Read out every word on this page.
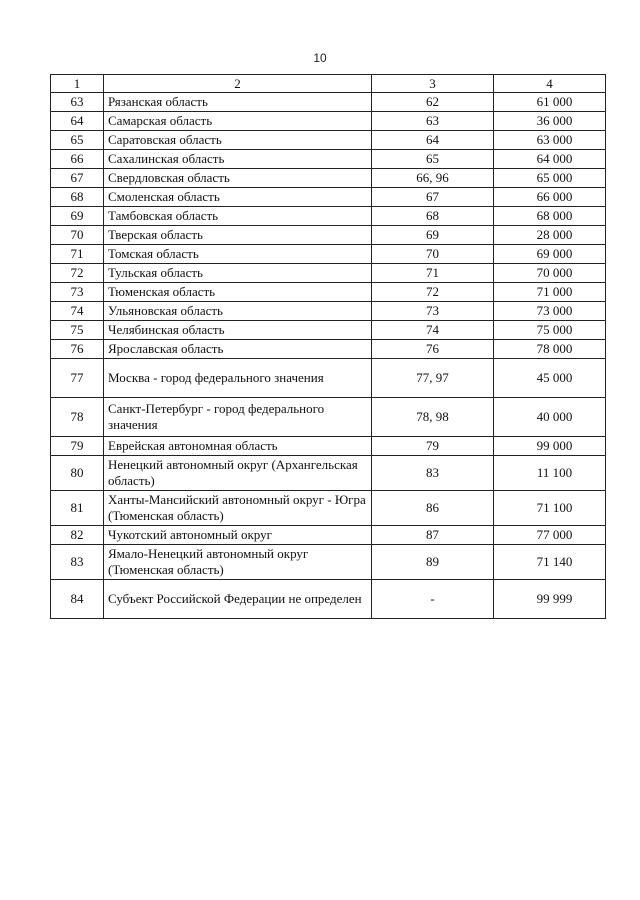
10
1	2	3	4
63	Рязанская область	62	61 000
64	Самарская область	63	36 000
65	Саратовская область	64	63 000
66	Сахалинская область	65	64 000
67	Свердловская область	66, 96	65 000
68	Смоленская область	67	66 000
69	Тамбовская область	68	68 000
70	Тверская область	69	28 000
71	Томская область	70	69 000
72	Тульская область	71	70 000
73	Тюменская область	72	71 000
74	Ульяновская область	73	73 000
75	Челябинская область	74	75 000
76	Ярославская область	76	78 000
77	Москва - город федерального значения	77, 97	45 000
78	Санкт-Петербург - город федерального значения	78, 98	40 000
79	Еврейская автономная область	79	99 000
80	Ненецкий автономный округ (Архангельская область)	83	11 100
81	Ханты-Мансийский автономный округ - Югра (Тюменская область)	86	71 100
82	Чукотский автономный округ	87	77 000
83	Ямало-Ненецкий автономный округ (Тюменская область)	89	71 140
84	Субъект Российской Федерации не определен	-	99 999
